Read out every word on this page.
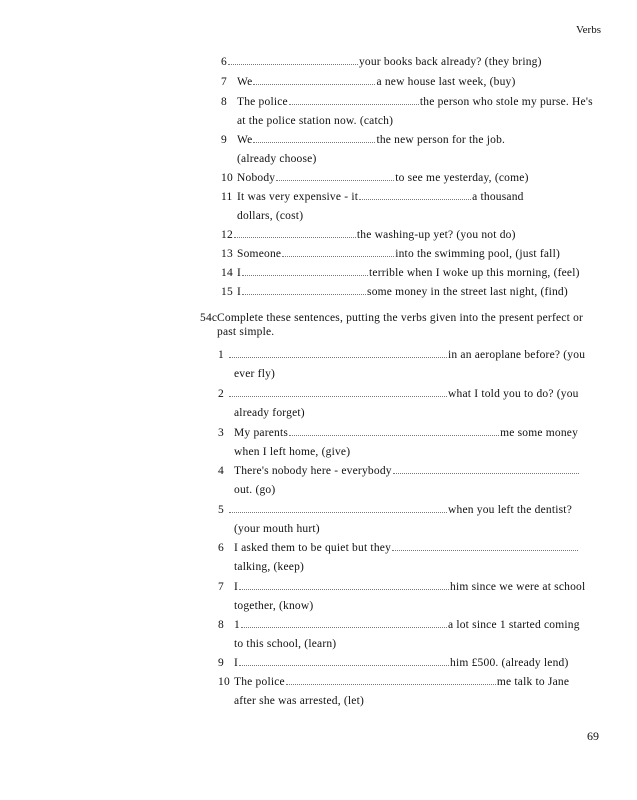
Verbs
6	your books back already? (they bring)
7 We	a new house last week, (buy)
8 The police	the person who stole my purse. He's
at the police station now. (catch)
9 We	the new person for the job.
(already choose)
10 Nobody	to see me yesterday, (come)
11 It was very expensive - it	a thousand
dollars, (cost)
12	the washing-up yet? (you not do)
13 Someone	into the swimming pool, (just fall)
14 I	terrible when I woke up this morning, (feel)
15 I	some money in the street last night, (find)
54c Complete these sentences, putting the verbs given into the present perfect or past simple.
1	in an aeroplane before? (you
ever fly)
2	what I told you to do? (you
already forget)
3 My parents	me some money
when I left home, (give)
4 There's nobody here - everybody
out. (go)
5	when you left the dentist?
(your mouth hurt)
6 I asked them to be quiet but they
talking, (keep)
7 I	him since we were at school
together, (know)
8 1	a lot since 1 started coming
to this school, (learn)
9 I	him £500. (already lend)
10 The police	me talk to Jane
after she was arrested, (let)
69
